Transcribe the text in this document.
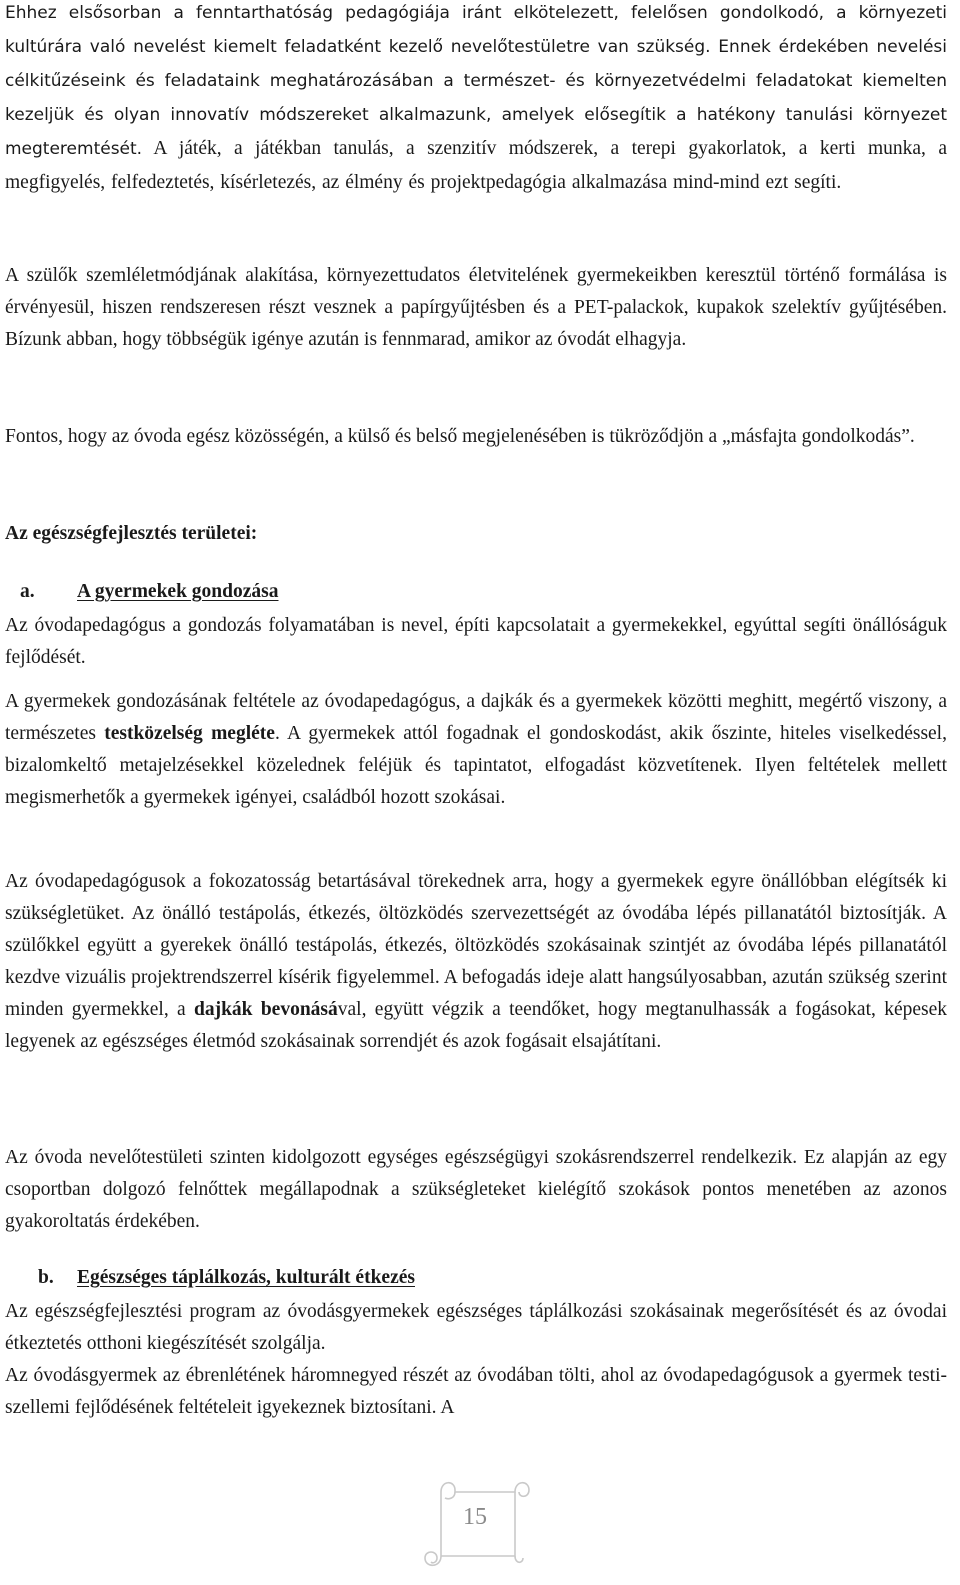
Ehhez elsősorban a fenntarthatóság pedagógiája iránt elkötelezett, felelősen gondolkodó, a környezeti kultúrára való nevelést kiemelt feladatként kezelő nevelőtestületre van szükség. Ennek érdekében nevelési célkitűzéseink és feladataink meghatározásában a természet- és környezetvédelmi feladatokat kiemelten kezeljük és olyan innovatív módszereket alkalmazunk, amelyek elősegítik a hatékony tanulási környezet megteremtését. A játék, a játékban tanulás, a szenzitív módszerek, a terepi gyakorlatok, a kerti munka, a megfigyelés, felfedeztetés, kísérletezés, az élmény és projektpedagógia alkalmazása mind-mind ezt segíti.

A szülők szemléletmódjának alakítása, környezettudatos életvitelének gyermekeikben keresztül történő formálása is érvényesül, hiszen rendszeresen részt vesznek a papírgyűjtésben és a PET-palackok, kupakok szelektív gyűjtésében. Bízunk abban, hogy többségük igénye azután is fennmarad, amikor az óvodát elhagyja.

Fontos, hogy az óvoda egész közösségén, a külső és belső megjelenésében is tükröződjön a „másfajta gondolkodás”.

Az egészségfejlesztés területei:

a. A gyermekek gondozása

Az óvodapedagógus a gondozás folyamatában is nevel, építi kapcsolatait a gyermekekkel, egyúttal segíti önállóságuk fejlődését.

A gyermekek gondozásának feltétele az óvodapedagógus, a dajkák és a gyermekek közötti meghitt, megértő viszony, a természetes testközelség megléte. A gyermekek attól fogadnak el gondoskodást, akik őszinte, hiteles viselkedéssel, bizalomkeltő metajelzésekkel közelednek feléjük és tapintatot, elfogadást közvetítenek. Ilyen feltételek mellett megismerhetők a gyermekek igényei, családból hozott szokásai.

Az óvodapedagógusok a fokozatosság betartásával törekednek arra, hogy a gyermekek egyre önállóbban elégítsék ki szükségletüket. Az önálló testápolás, étkezés, öltözködés szervezettségét az óvodába lépés pillanatától biztosítják. A szülőkkel együtt a gyerekek önálló testápolás, étkezés, öltözködés szokásainak szintjét az óvodába lépés pillanatától kezdve vizuális projektrendszerrel kísérik figyelemmel. A befogadás ideje alatt hangsúlyosabban, azután szükség szerint minden gyermekkel, a dajkák bevonásával, együtt végzik a teendőket, hogy megtanulhassák a fogásokat, képesek legyenek az egészséges életmód szokásainak sorrendjét és azok fogásait elsajátítani.

Az óvoda nevelőtestületi szinten kidolgozott egységes egészségügyi szokásrendszerrel rendelkezik. Ez alapján az egy csoportban dolgozó felnőttek megállapodnak a szükségleteket kielégítő szokások pontos menetében az azonos gyakoroltatás érdekében.

b. Egészséges táplálkozás, kulturált étkezés

Az egészségfejlesztési program az óvodásgyermekek egészséges táplálkozási szokásainak megerősítését és az óvodai étkeztetés otthoni kiegészítését szolgálja.

Az óvodásgyermek az ébrenlétének háromnegyed részét az óvodában tölti, ahol az óvodapedagógusok a gyermek testi-szellemi fejlődésének feltételeit igyekeznek biztosítani. A

15
